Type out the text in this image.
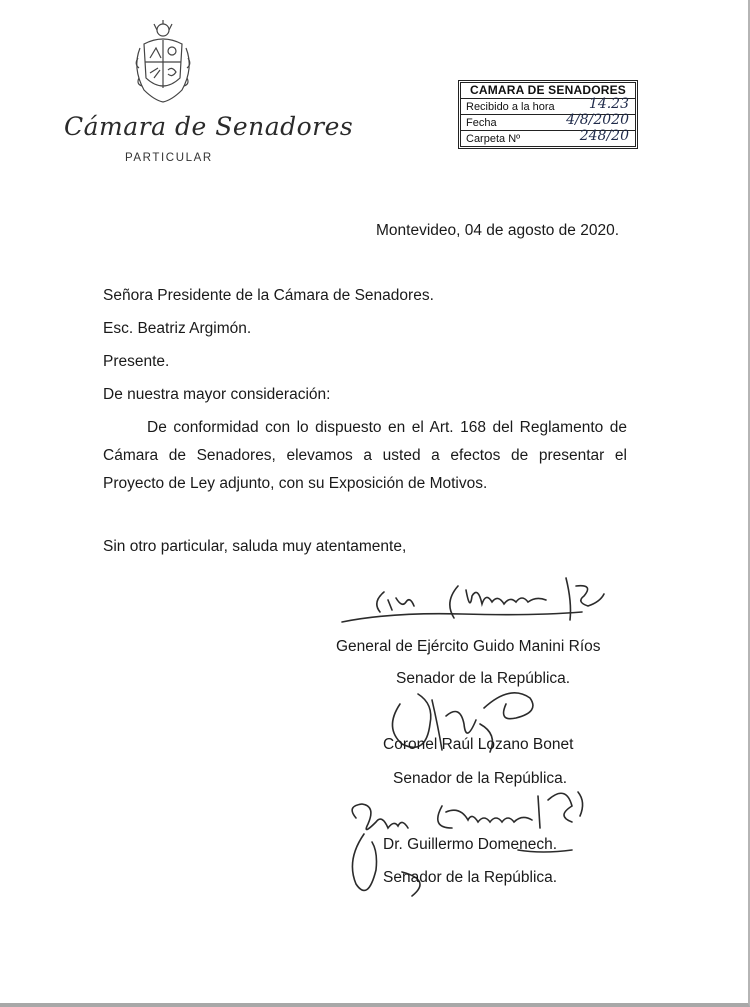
Cámara de Senadores
PARTICULAR
CAMARA DE SENADORES
Recibido a la hora 14.23
Fecha	4/8/2020
Carpeta Nº	248/20
Montevideo, 04 de agosto de 2020.
Señora Presidente de la Cámara de Senadores.
Esc. Beatriz Argimón.
Presente.
De nuestra mayor consideración:
De conformidad con lo dispuesto en el Art. 168 del Reglamento de Cámara de Senadores, elevamos a usted a efectos de presentar el Proyecto de Ley adjunto, con su Exposición de Motivos.
Sin otro particular, saluda muy atentamente,
General de Ejército Guido Manini Ríos
Senador de la República.
Coronel Raúl Lozano Bonet
Senador de la República.
Dr. Guillermo Domenech.
Senador de la República.
